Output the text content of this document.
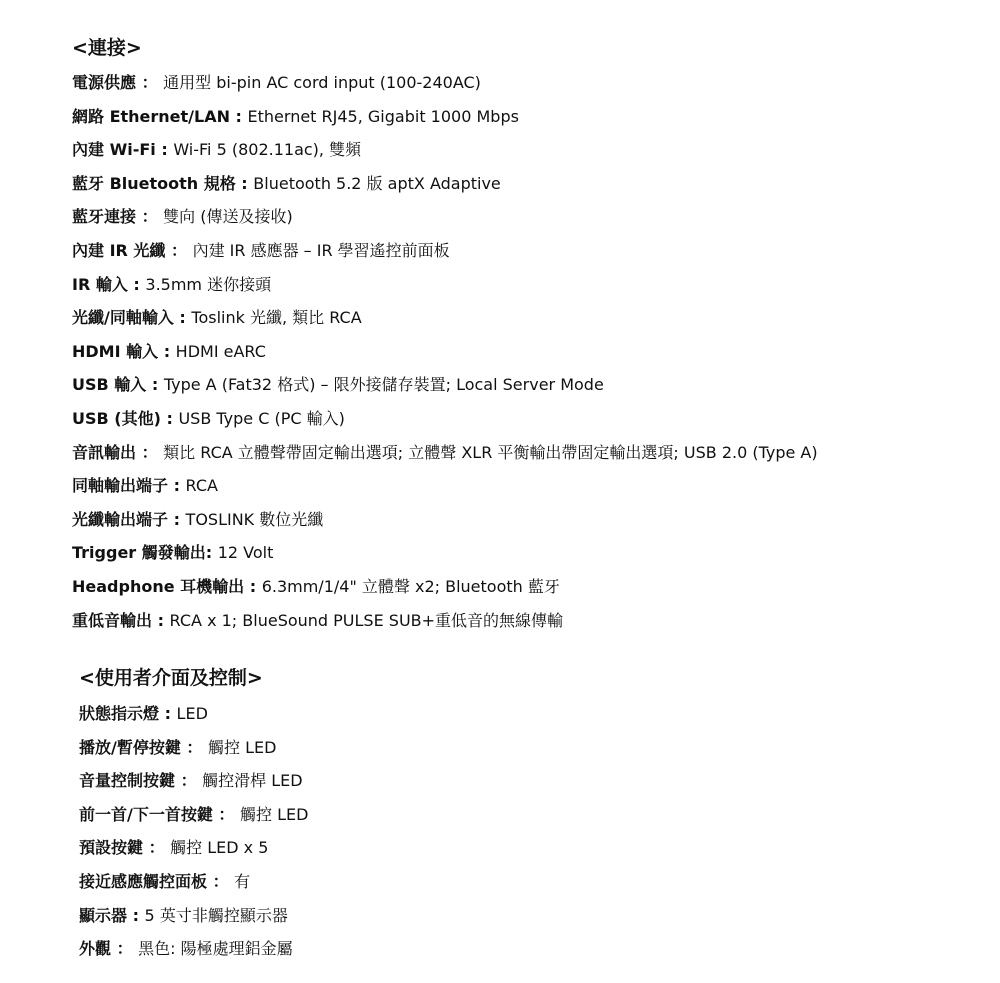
<連接>
電源供應 ： 通用型 bi-pin AC cord input (100-240AC)
網路 Ethernet/LAN : Ethernet RJ45, Gigabit 1000 Mbps
內建 Wi-Fi : Wi-Fi 5 (802.11ac), 雙頻
藍牙 Bluetooth 規格 : Bluetooth 5.2 版 aptX Adaptive
藍牙連接 ： 雙向 (傳送及接收)
內建 IR 光纖 ： 內建 IR 感應器 – IR 學習遙控前面板
IR 輸入 : 3.5mm 迷你接頭
光纖/同軸輸入 : Toslink 光纖, 類比 RCA
HDMI 輸入 : HDMI eARC
USB 輸入 : Type A (Fat32 格式) – 限外接儲存裝置; Local Server Mode
USB (其他) : USB Type C (PC 輸入)
音訊輸出 ： 類比 RCA 立體聲帶固定輸出選項; 立體聲 XLR 平衡輸出帶固定輸出選項; USB 2.0 (Type A)
同軸輸出端子 : RCA
光纖輸出端子 : TOSLINK 數位光纖
Trigger 觸發輸出: 12 Volt
Headphone 耳機輸出 : 6.3mm/1/4" 立體聲 x2; Bluetooth 藍牙
重低音輸出 : RCA x 1; BlueSound PULSE SUB+重低音的無線傳輸
<使用者介面及控制>
狀態指示燈 : LED
播放/暫停按鍵 ： 觸控 LED
音量控制按鍵 ： 觸控滑桿 LED
前一首/下一首按鍵 ： 觸控 LED
預設按鍵 ： 觸控 LED x 5
接近感應觸控面板 ： 有
顯示器 : 5 英寸非觸控顯示器
外觀 ： 黑色: 陽極處理鋁金屬
